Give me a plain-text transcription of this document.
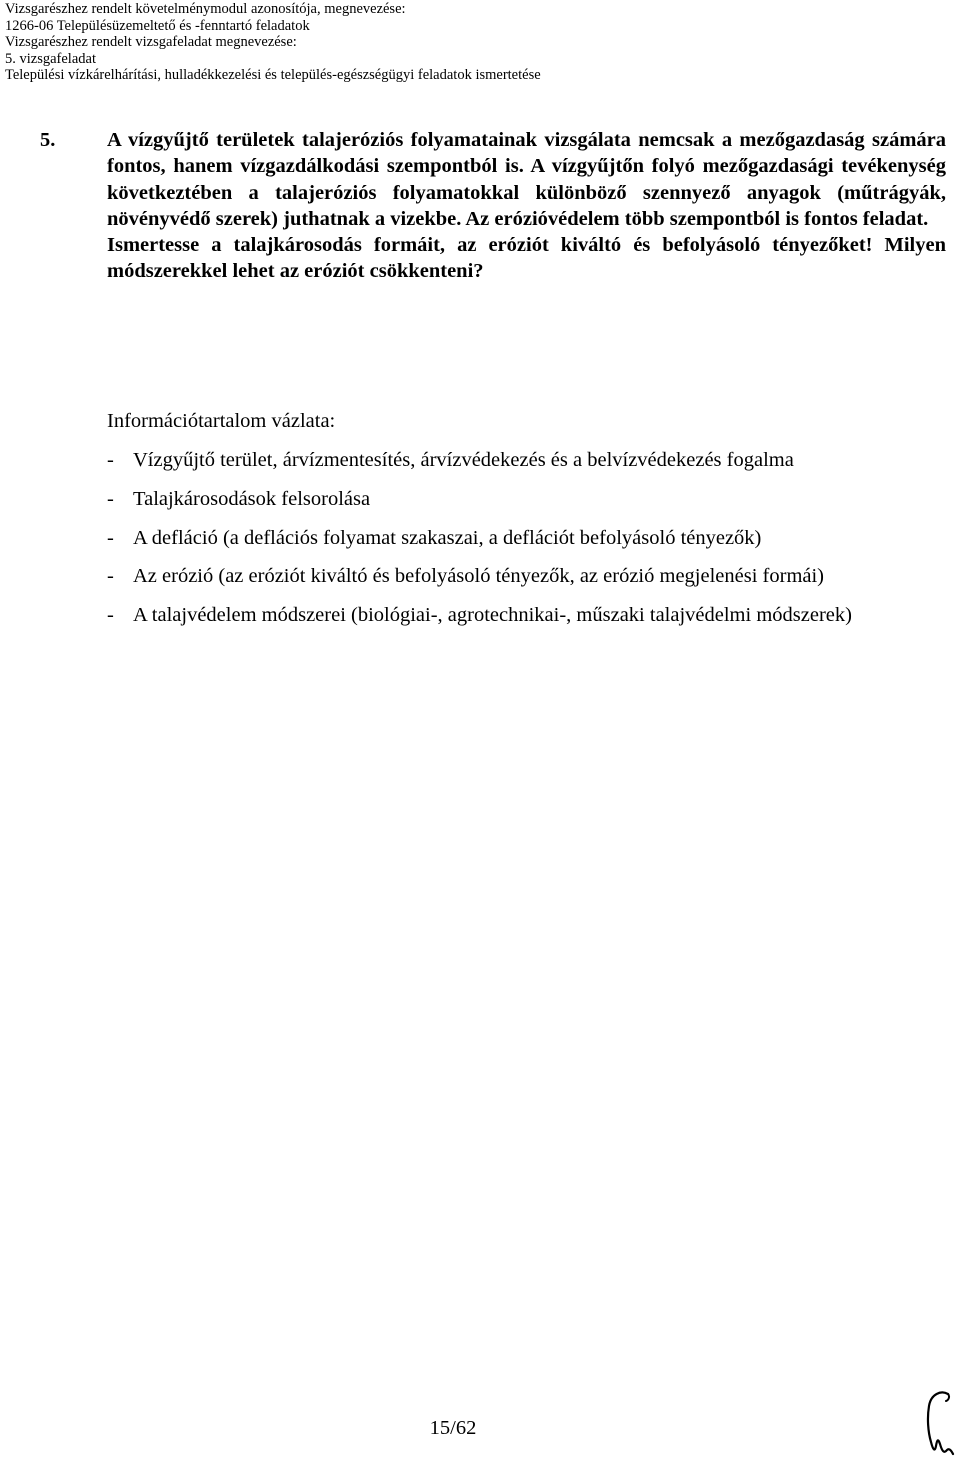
Vizsgarészhez rendelt követelménymodul azonosítója, megnevezése:
1266-06 Településüzemeltető és -fenntartó feladatok
Vizsgarészhez rendelt vizsgafeladat megnevezése:
5. vizsgafeladat
Települési vízkárelhárítási, hulladékkezelési és település-egészségügyi feladatok ismertetése
5.	A vízgyűjtő területek talajeróziós folyamatainak vizsgálata nemcsak a mezőgazdaság számára fontos, hanem vízgazdálkodási szempontból is. A vízgyűjtőn folyó mezőgazdasági tevékenység következtében a talajeróziós folyamatokkal különböző szennyező anyagok (műtrágyák, növényvédő szerek) juthatnak a vizekbe. Az erózióvédelem több szempontból is fontos feladat.

Ismertesse a talajkárosodás formáit, az eróziót kiváltó és befolyásoló tényezőket! Milyen módszerekkel lehet az eróziót csökkenteni?

Információtartalom vázlata:
- Vízgyűjtő terület, árvízmentesítés, árvízvédekezés és a belvízvédekezés fogalma
- Talajkárosodások felsorolása
- A defláció (a deflációs folyamat szakaszai, a deflációt befolyásoló tényezők)
- Az erózió (az eróziót kiváltó és befolyásoló tényezők, az erózió megjelenési formái)
- A talajvédelem módszerei (biológiai-, agrotechnikai-, műszaki talajvédelmi módszerek)
15/62
